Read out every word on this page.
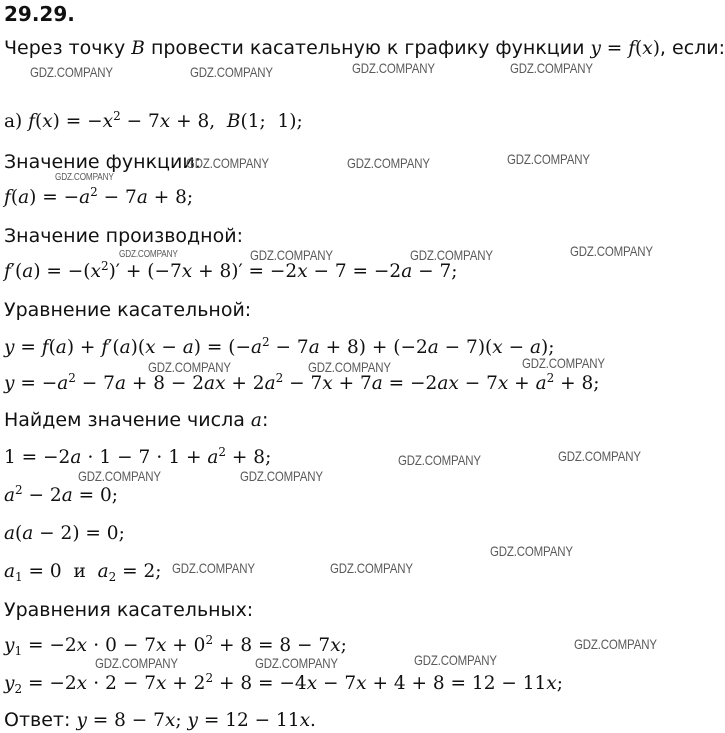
29.29.
Через точку B провести касательную к графику функции y = f(x), если:
а) $f(x) = -x^2 - 7x + 8$,  B(1;  1);
Значение функции:
$f(a) = -a^2 - 7a + 8$;
Значение производной:
$f'(a) = -(x^2)' + (-7x + 8)' = -2x - 7 = -2a - 7$;
Уравнение касательной:
$y = f(a) + f'(a)(x - a) = (-a^2 - 7a + 8) + (-2a - 7)(x - a)$;
$y = -a^2 - 7a + 8 - 2ax + 2a^2 - 7x + 7a = -2ax - 7x + a^2 + 8$;
Найдем значение числа a:
$1 = -2a \cdot 1 - 7 \cdot 1 + a^2 + 8$;
$a^2 - 2a = 0$;
a(a − 2) = 0;
$a_1 = 0$  и  $a_2 = 2$;
Уравнения касательных:
$y_1 = -2x \cdot 0 - 7x + 0^2 + 8 = 8 - 7x$;
$y_2 = -2x \cdot 2 - 7x + 2^2 + 8 = -4x - 7x + 4 + 8 = 12 - 11x$;
Ответ: y = 8 − 7x; y = 12 − 11x.
GDZ.COMPANY	GDZ.COMPANY	GDZ.COMPANY	GDZ.COMPANY
GDZ.COMPANY	GDZ.COMPANY	GDZ.COMPANY
GDZ.COMPANY
GDZ.COMPANY	GDZ.COMPANY	GDZ.COMPANY	GDZ.COMPANY
GDZ.COMPANY	GDZ.COMPANY	GDZ.COMPANY
GDZ.COMPANY	GDZ.COMPANY
GDZ.COMPANY	GDZ.COMPANY
GDZ.COMPANY
GDZ.COMPANY	GDZ.COMPANY
GDZ.COMPANY
GDZ.COMPANY
GDZ.COMPANY	GDZ.COMPANY
